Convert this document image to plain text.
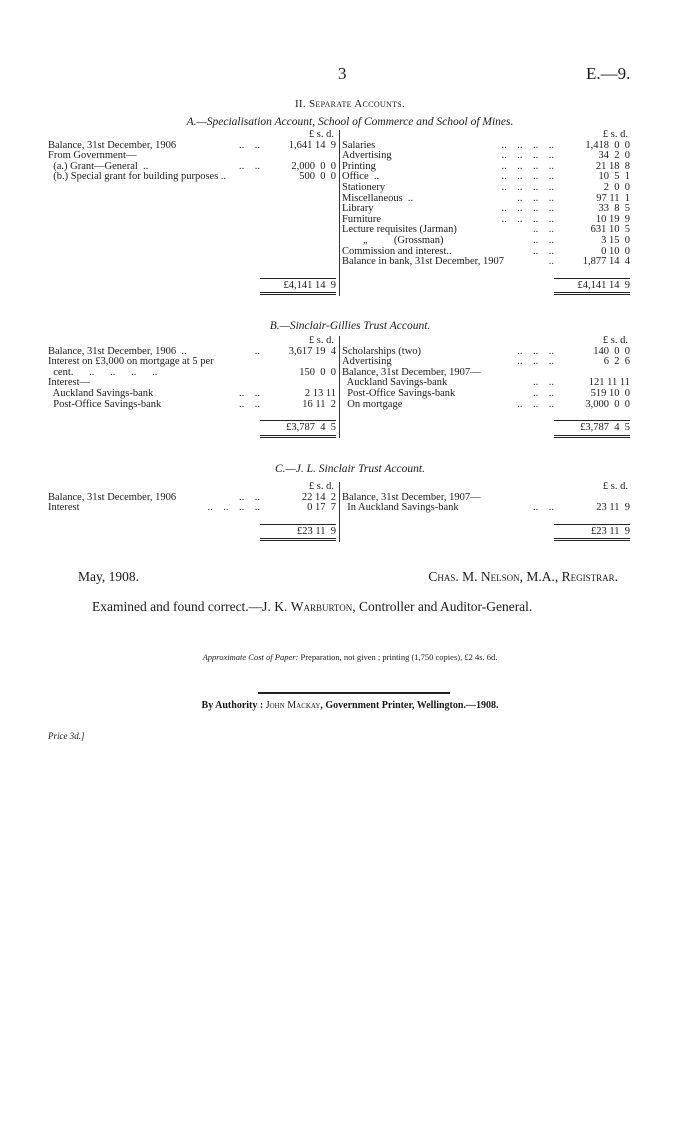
3	E.—9.
II. Separate Accounts.
A.—Specialisation Account, School of Commerce and School of Mines.
£ s. d.
Balance, 31st December, 1906	..    ..	1,641 14  9
From Government—
(a.) Grant—General  ..	..    ..	2,000  0  0
(b.) Special grant for building purposes ..	500  0  0
£4,141 14  9
£ s. d.
Salaries	..    ..    ..    ..	1,418  0  0
Advertising	..    ..    ..    ..	34  2  0
Printing	..    ..    ..    ..	21 18  8
Office  ..	..    ..    ..    ..	10  5  1
Stationery	..    ..    ..    ..	2  0  0
Miscellaneous  ..	..    ..    ..	97 11  1
Library	..    ..    ..    ..	33  8  5
Furniture	..    ..    ..    ..	10 19  9
Lecture requisites (Jarman)	..    ..	631 10  5
„          (Grossman)	..    ..	3 15  0
Commission and interest..	..    ..	0 10  0
Balance in bank, 31st December, 1907	..	1,877 14  4
£4,141 14  9
B.—Sinclair-Gillies Trust Account.
£ s. d.
Balance, 31st December, 1906  ..	..	3,617 19  4
Interest on £3,000 on mortgage at 5 per
cent.      ..      ..      ..      ..	150  0  0
Interest—
Auckland Savings-bank	..    ..	2 13 11
Post-Office Savings-bank	..    ..	16 11  2
£3,787  4  5
£ s. d.
Scholarships (two)	..    ..    ..	140  0  0
Advertising	..    ..    ..	6  2  6
Balance, 31st December, 1907—
Auckland Savings-bank	..    ..	121 11 11
Post-Office Savings-bank	..    ..	519 10  0
On mortgage	..    ..    ..	3,000  0  0
£3,787  4  5
C.—J. L. Sinclair Trust Account.
£ s. d.
Balance, 31st December, 1906	..    ..	22 14  2
Interest	..    ..    ..    ..	0 17  7
£23 11  9
£ s. d.
Balance, 31st December, 1907—
In Auckland Savings-bank	..    ..	23 11  9
£23 11  9
May, 1908.	Chas. M. Nelson, M.A., Registrar.
Examined and found correct.—J. K. Warburton, Controller and Auditor-General.
Approximate Cost of Paper: Preparation, not given ; printing (1,750 copies), £2 4s. 6d.
By Authority : John Mackay, Government Printer, Wellington.—1908.
Price 3d.]
